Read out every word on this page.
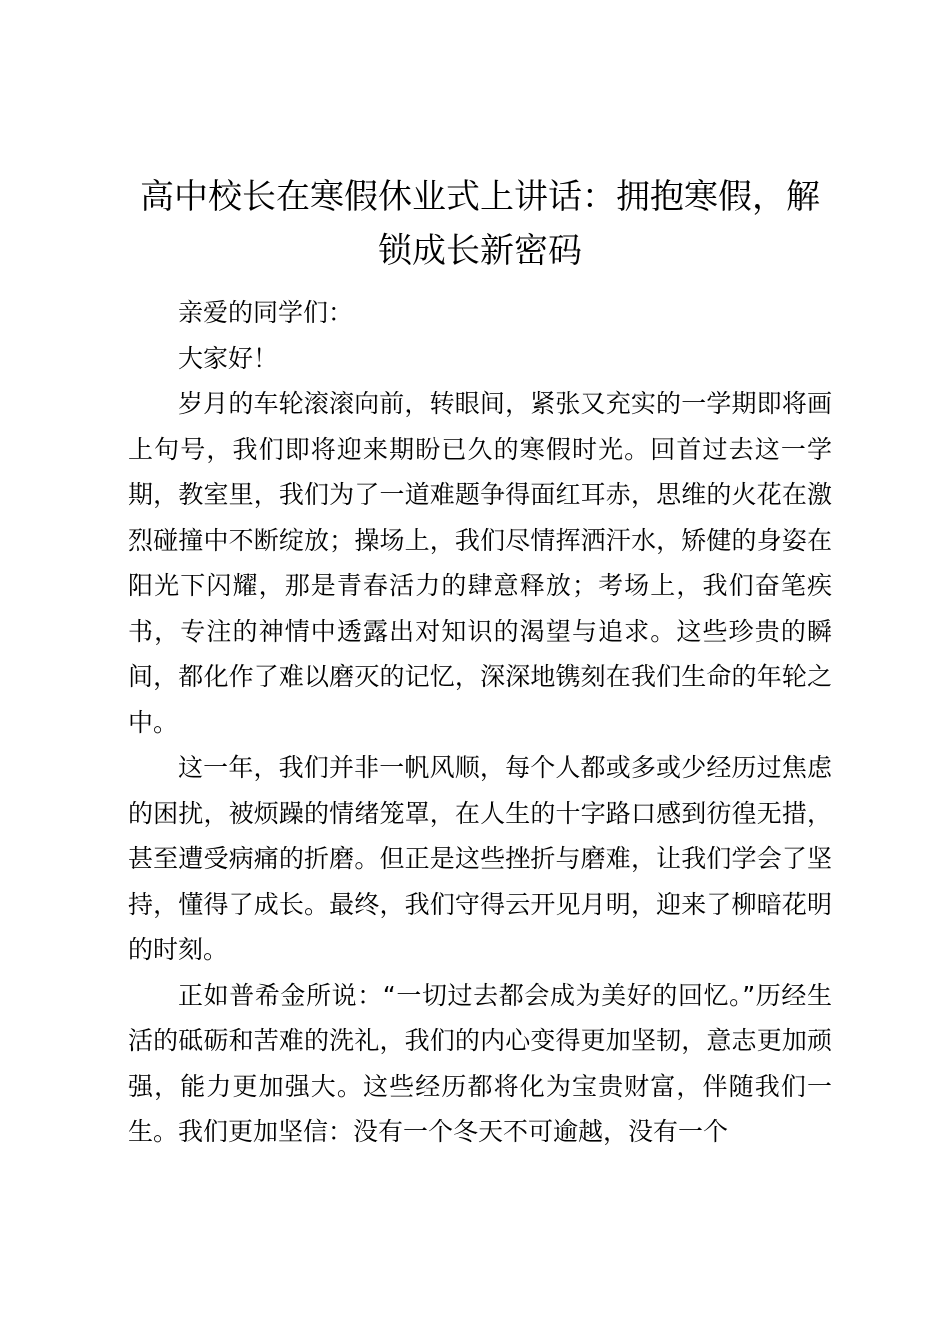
高中校长在寒假休业式上讲话：拥抱寒假，解锁成长新密码

亲爱的同学们：

大家好！

岁月的车轮滚滚向前，转眼间，紧张又充实的一学期即将画上句号，我们即将迎来期盼已久的寒假时光。回首过去这一学期，教室里，我们为了一道难题争得面红耳赤，思维的火花在激烈碰撞中不断绽放；操场上，我们尽情挥洒汗水，矫健的身姿在阳光下闪耀，那是青春活力的肆意释放；考场上，我们奋笔疾书，专注的神情中透露出对知识的渴望与追求。这些珍贵的瞬间，都化作了难以磨灭的记忆，深深地镌刻在我们生命的年轮之中。

这一年，我们并非一帆风顺，每个人都或多或少经历过焦虑的困扰，被烦躁的情绪笼罩，在人生的十字路口感到彷徨无措，甚至遭受病痛的折磨。但正是这些挫折与磨难，让我们学会了坚持，懂得了成长。最终，我们守得云开见月明，迎来了柳暗花明的时刻。

正如普希金所说：“一切过去都会成为美好的回忆。”历经生活的砥砺和苦难的洗礼，我们的内心变得更加坚韧，意志更加顽强，能力更加强大。这些经历都将化为宝贵财富，伴随我们一生。我们更加坚信：没有一个冬天不可逾越，没有一个
